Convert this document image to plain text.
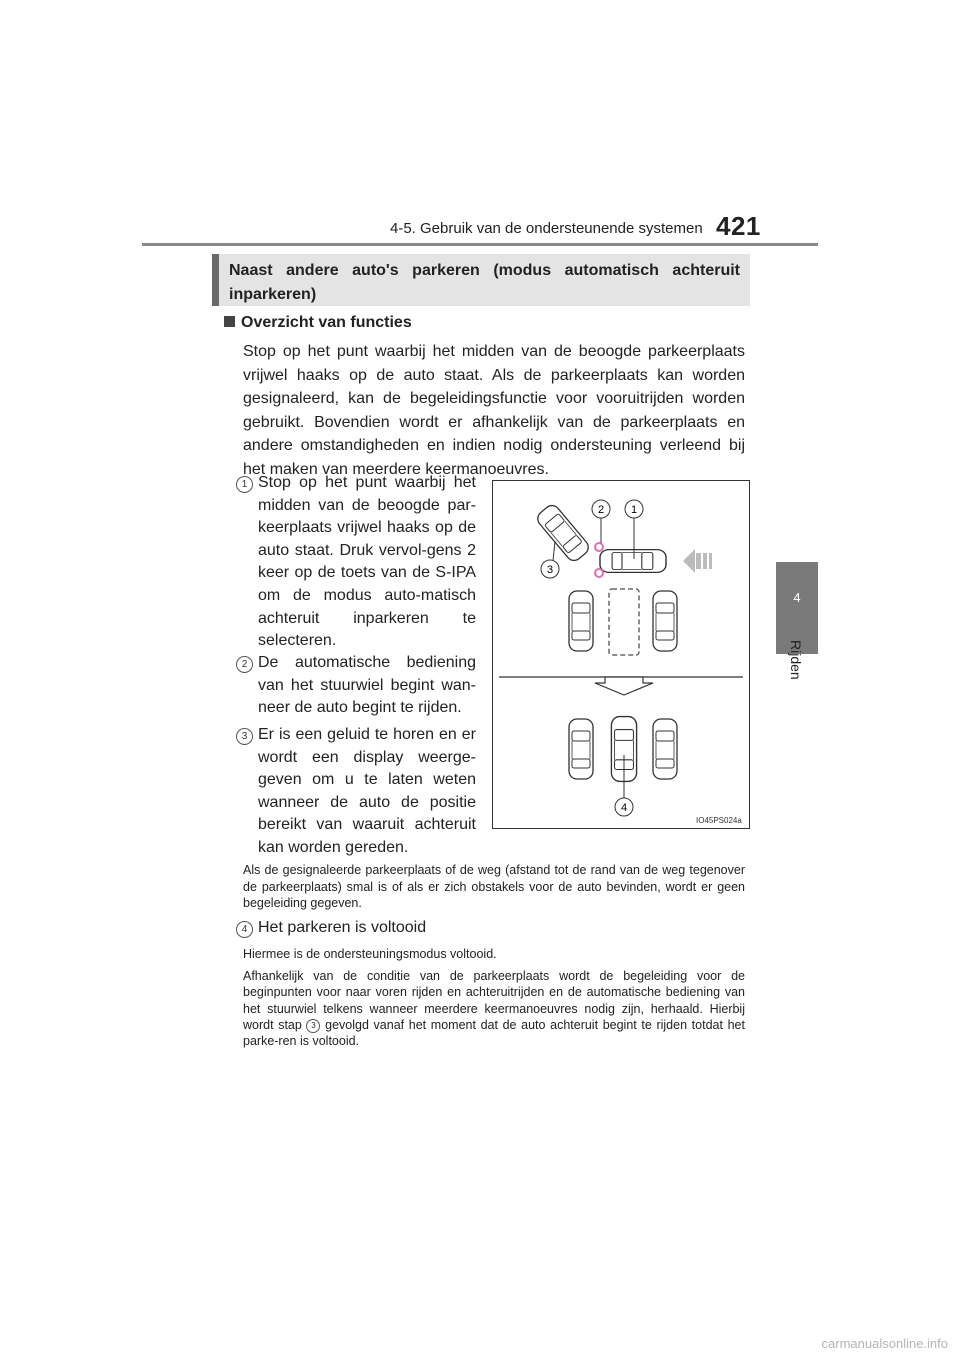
4-5. Gebruik van de ondersteunende systemen 421
4
Rijden
Naast andere auto's parkeren (modus automatisch achteruit inparkeren)
Overzicht van functies
Stop op het punt waarbij het midden van de beoogde parkeerplaats vrijwel haaks op de auto staat. Als de parkeerplaats kan worden gesignaleerd, kan de begeleidingsfunctie voor vooruitrijden worden gebruikt. Bovendien wordt er afhankelijk van de parkeerplaats en andere omstandigheden en indien nodig ondersteuning verleend bij het maken van meerdere keermanoeuvres.
1 Stop op het punt waarbij het midden van de beoogde par-keerplaats vrijwel haaks op de auto staat. Druk vervol-gens 2 keer op de toets van de S-IPA om de modus auto-matisch achteruit inparkeren te selecteren.
2 De automatische bediening van het stuurwiel begint wan-neer de auto begint te rijden.
3 Er is een geluid te horen en er wordt een display weerge-geven om u te laten weten wanneer de auto de positie bereikt van waaruit achteruit kan worden gereden.
Als de gesignaleerde parkeerplaats of de weg (afstand tot de rand van de weg tegenover de parkeerplaats) smal is of als er zich obstakels voor de auto bevinden, wordt er geen begeleiding gegeven.
4 Het parkeren is voltooid
Hiermee is de ondersteuningsmodus voltooid.
Afhankelijk van de conditie van de parkeerplaats wordt de begeleiding voor de beginpunten voor naar voren rijden en achteruitrijden en de automatische bediening van het stuurwiel telkens wanneer meerdere keermanoeuvres nodig zijn, herhaald. Hierbij wordt stap 3 gevolgd vanaf het moment dat de auto achteruit begint te rijden totdat het parke-ren is voltooid.
1
2
3
4
IO45PS024a
carmanualsonline.info
